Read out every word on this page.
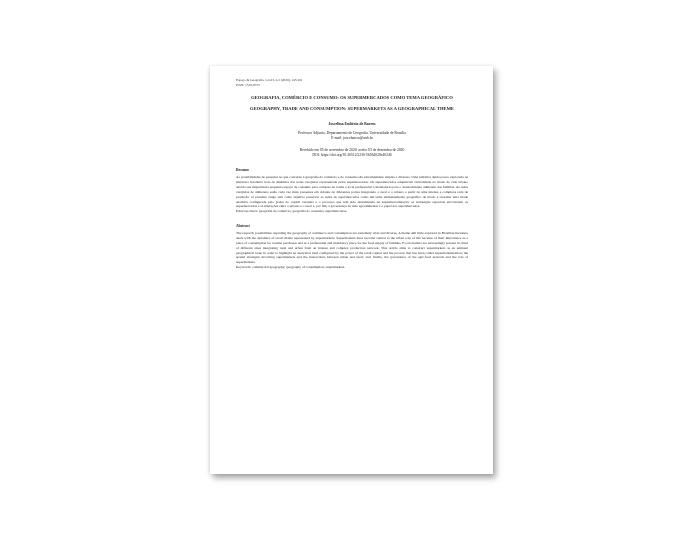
Espaço & Geografia, vol.23, n.2 (2020), 145:161
ISSN: 1516-9375
GEOGRAFIA, COMÉRCIO E CONSUMO: OS SUPERMERCADOS COMO TEMA GEOGRÁFICO
GEOGRAPHY, TRADE AND CONSUMPTION: SUPERMARKETS AS A GEOGRAPHICAL THEME
Joscelina Eudóxia de Barros
Professor Adjunto, Departamento de Geografia, Universidade de Brasília
E-mail: joscebarros@unb.br
Recebido em 05 de novembro de 2020, aceito 03 de dezembro de 2020
DOI: https://doi.org/10.26512/2236-56562020e40246
Resumo
As possibilidades de pesquisa no que concerne à geografia do comércio e do consumo são extremamente amplas e diversas. Uma temática ainda pouco explorada na literatura brasileira trata da dinâmica das redes varejistas representada pelos supermercados. Os supermercados adquiriram centralidade no modo de vida urbano devido sua importância enquanto espaço de consumo para compras de rotina e local preferencial e mandatório para o abastecimento alimentar das famílias. As redes varejistas de alimentos estão cada vez mais presentes em cidades de diferentes portes integrando o rural e o urbano a partir de uma intensa e complexa rede de produção. O presente artigo tem como objetivo preservar as redes de supermercados como um tema eminentemente geográfico de modo a ressaltar uma tríade analítica configurada pelo poder do capital varejista e o processo que tem sido denominado de supermercadização; as estratégias espaciais envolvendo os supermercados e as interações entre o urbano e o rural e, por fim, a governança da rede agroalimentar e o papel dos supermercados.
Palavras-chave: geografia do comércio; geografia do consumo; supermercados.
Abstract
The research possibilities regarding the geography of commerce and consumption are extremely wide and diverse. A theme still little explored in Brazilian literature deals with the dynamics of retail chains represented by supermarkets. Supermarkets have become central to the urban way of life because of their importance as a place of consumption for routine purchases and as a preferential and mandatory place for the food supply of families. Food retailers are increasingly present in cities of different sizes integrating rural and urban from an intense and complex production network. This article aims to construct supermarkets as an eminent geographical issue in order to highlight an analytical triad configured by the power of the retail capital and the process that has been called supermarketization; the spatial strategies involving supermarkets and the interactions between urban and rural; and, finally, the governance of the agri-food network and the role of supermarkets.
Keywords: commercial geography; geography of consumption; supermarkets.
